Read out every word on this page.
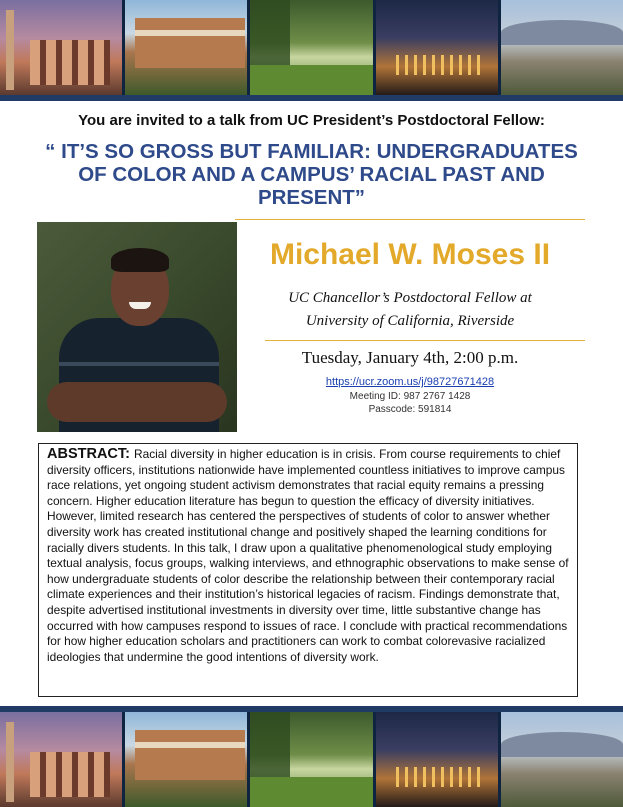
You are invited to a talk from UC President’s Postdoctoral Fellow:
“ IT’S SO GROSS BUT FAMILIAR: UNDERGRADUATES OF COLOR AND A CAMPUS’ RACIAL PAST AND PRESENT”
Michael W. Moses II
UC Chancellor’s Postdoctoral Fellow at
University of California, Riverside
Tuesday, January 4th, 2:00 p.m.
https://ucr.zoom.us/j/98727671428
Meeting ID: 987 2767 1428
Passcode: 591814
ABSTRACT: Racial diversity in higher education is in crisis. From course requirements to chief diversity officers, institutions nationwide have implemented countless initiatives to improve campus race relations, yet ongoing student activism demonstrates that racial equity remains a pressing concern. Higher education literature has begun to question the efficacy of diversity initiatives. However, limited research has centered the perspectives of students of color to answer whether diversity work has created institutional change and positively shaped the learning conditions for racially divers students. In this talk, I draw upon a qualitative phenomenological study employing textual analysis, focus groups, walking interviews, and ethnographic observations to make sense of how undergraduate students of color describe the relationship between their contemporary racial climate experiences and their institution’s historical legacies of racism. Findings demonstrate that, despite advertised institutional investments in diversity over time, little substantive change has occurred with how campuses respond to issues of race. I conclude with practical recommendations for how higher education scholars and practitioners can work to combat colorevasive racialized ideologies that undermine the good intentions of diversity work.
